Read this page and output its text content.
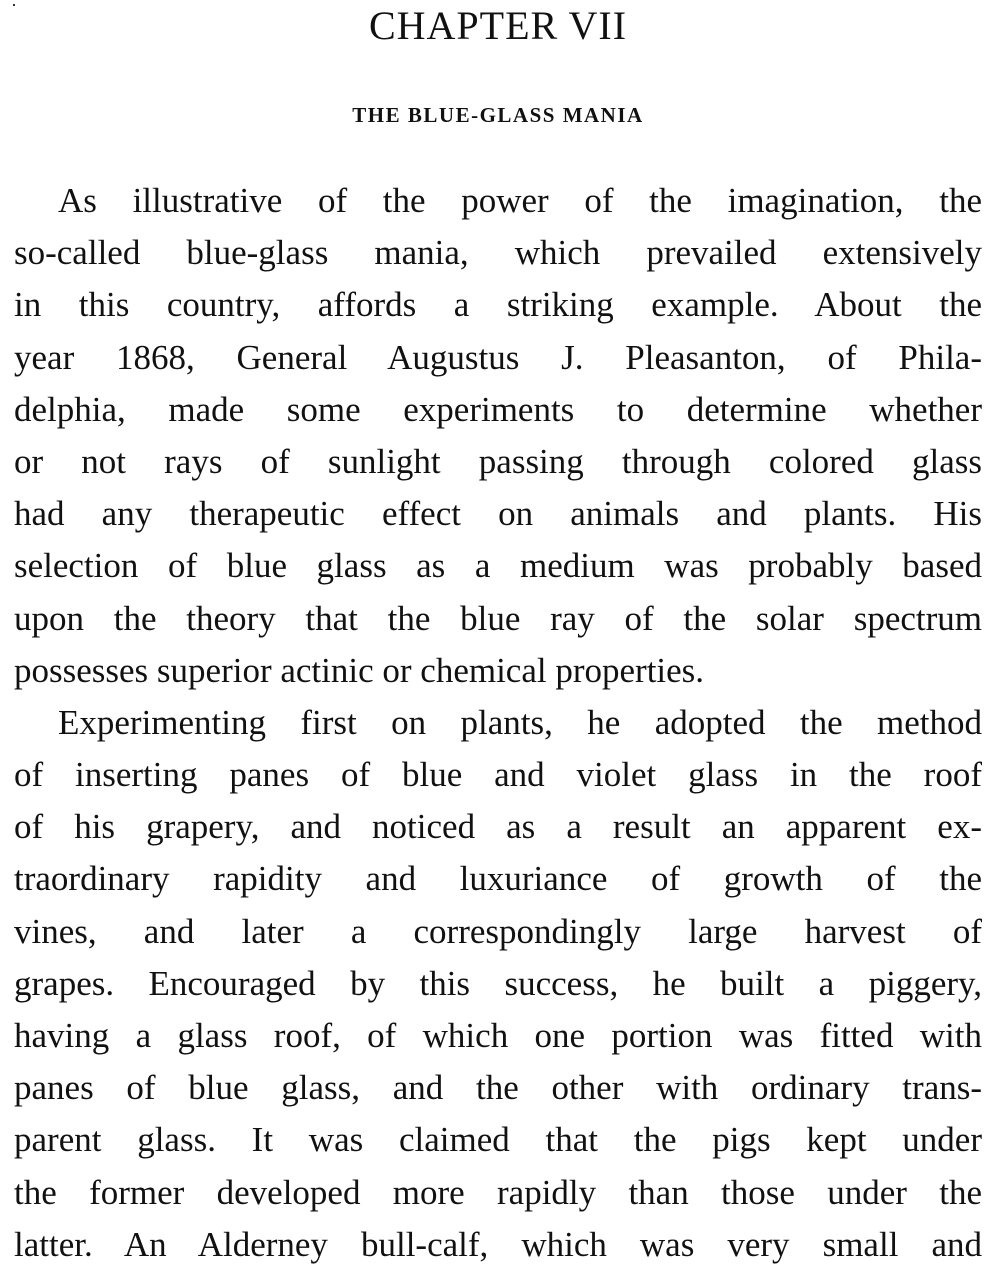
CHAPTER VII
THE BLUE-GLASS MANIA
As illustrative of the power of the imagination, the
so-called blue-glass mania, which prevailed extensively
in this country, affords a striking example. About the
year 1868, General Augustus J. Pleasanton, of Phila-
delphia, made some experiments to determine whether
or not rays of sunlight passing through colored glass
had any therapeutic effect on animals and plants. His
selection of blue glass as a medium was probably based
upon the theory that the blue ray of the solar spectrum
possesses superior actinic or chemical properties.
Experimenting first on plants, he adopted the method
of inserting panes of blue and violet glass in the roof
of his grapery, and noticed as a result an apparent ex-
traordinary rapidity and luxuriance of growth of the
vines, and later a correspondingly large harvest of
grapes. Encouraged by this success, he built a piggery,
having a glass roof, of which one portion was fitted with
panes of blue glass, and the other with ordinary trans-
parent glass. It was claimed that the pigs kept under
the former developed more rapidly than those under the
latter. An Alderney bull-calf, which was very small and
